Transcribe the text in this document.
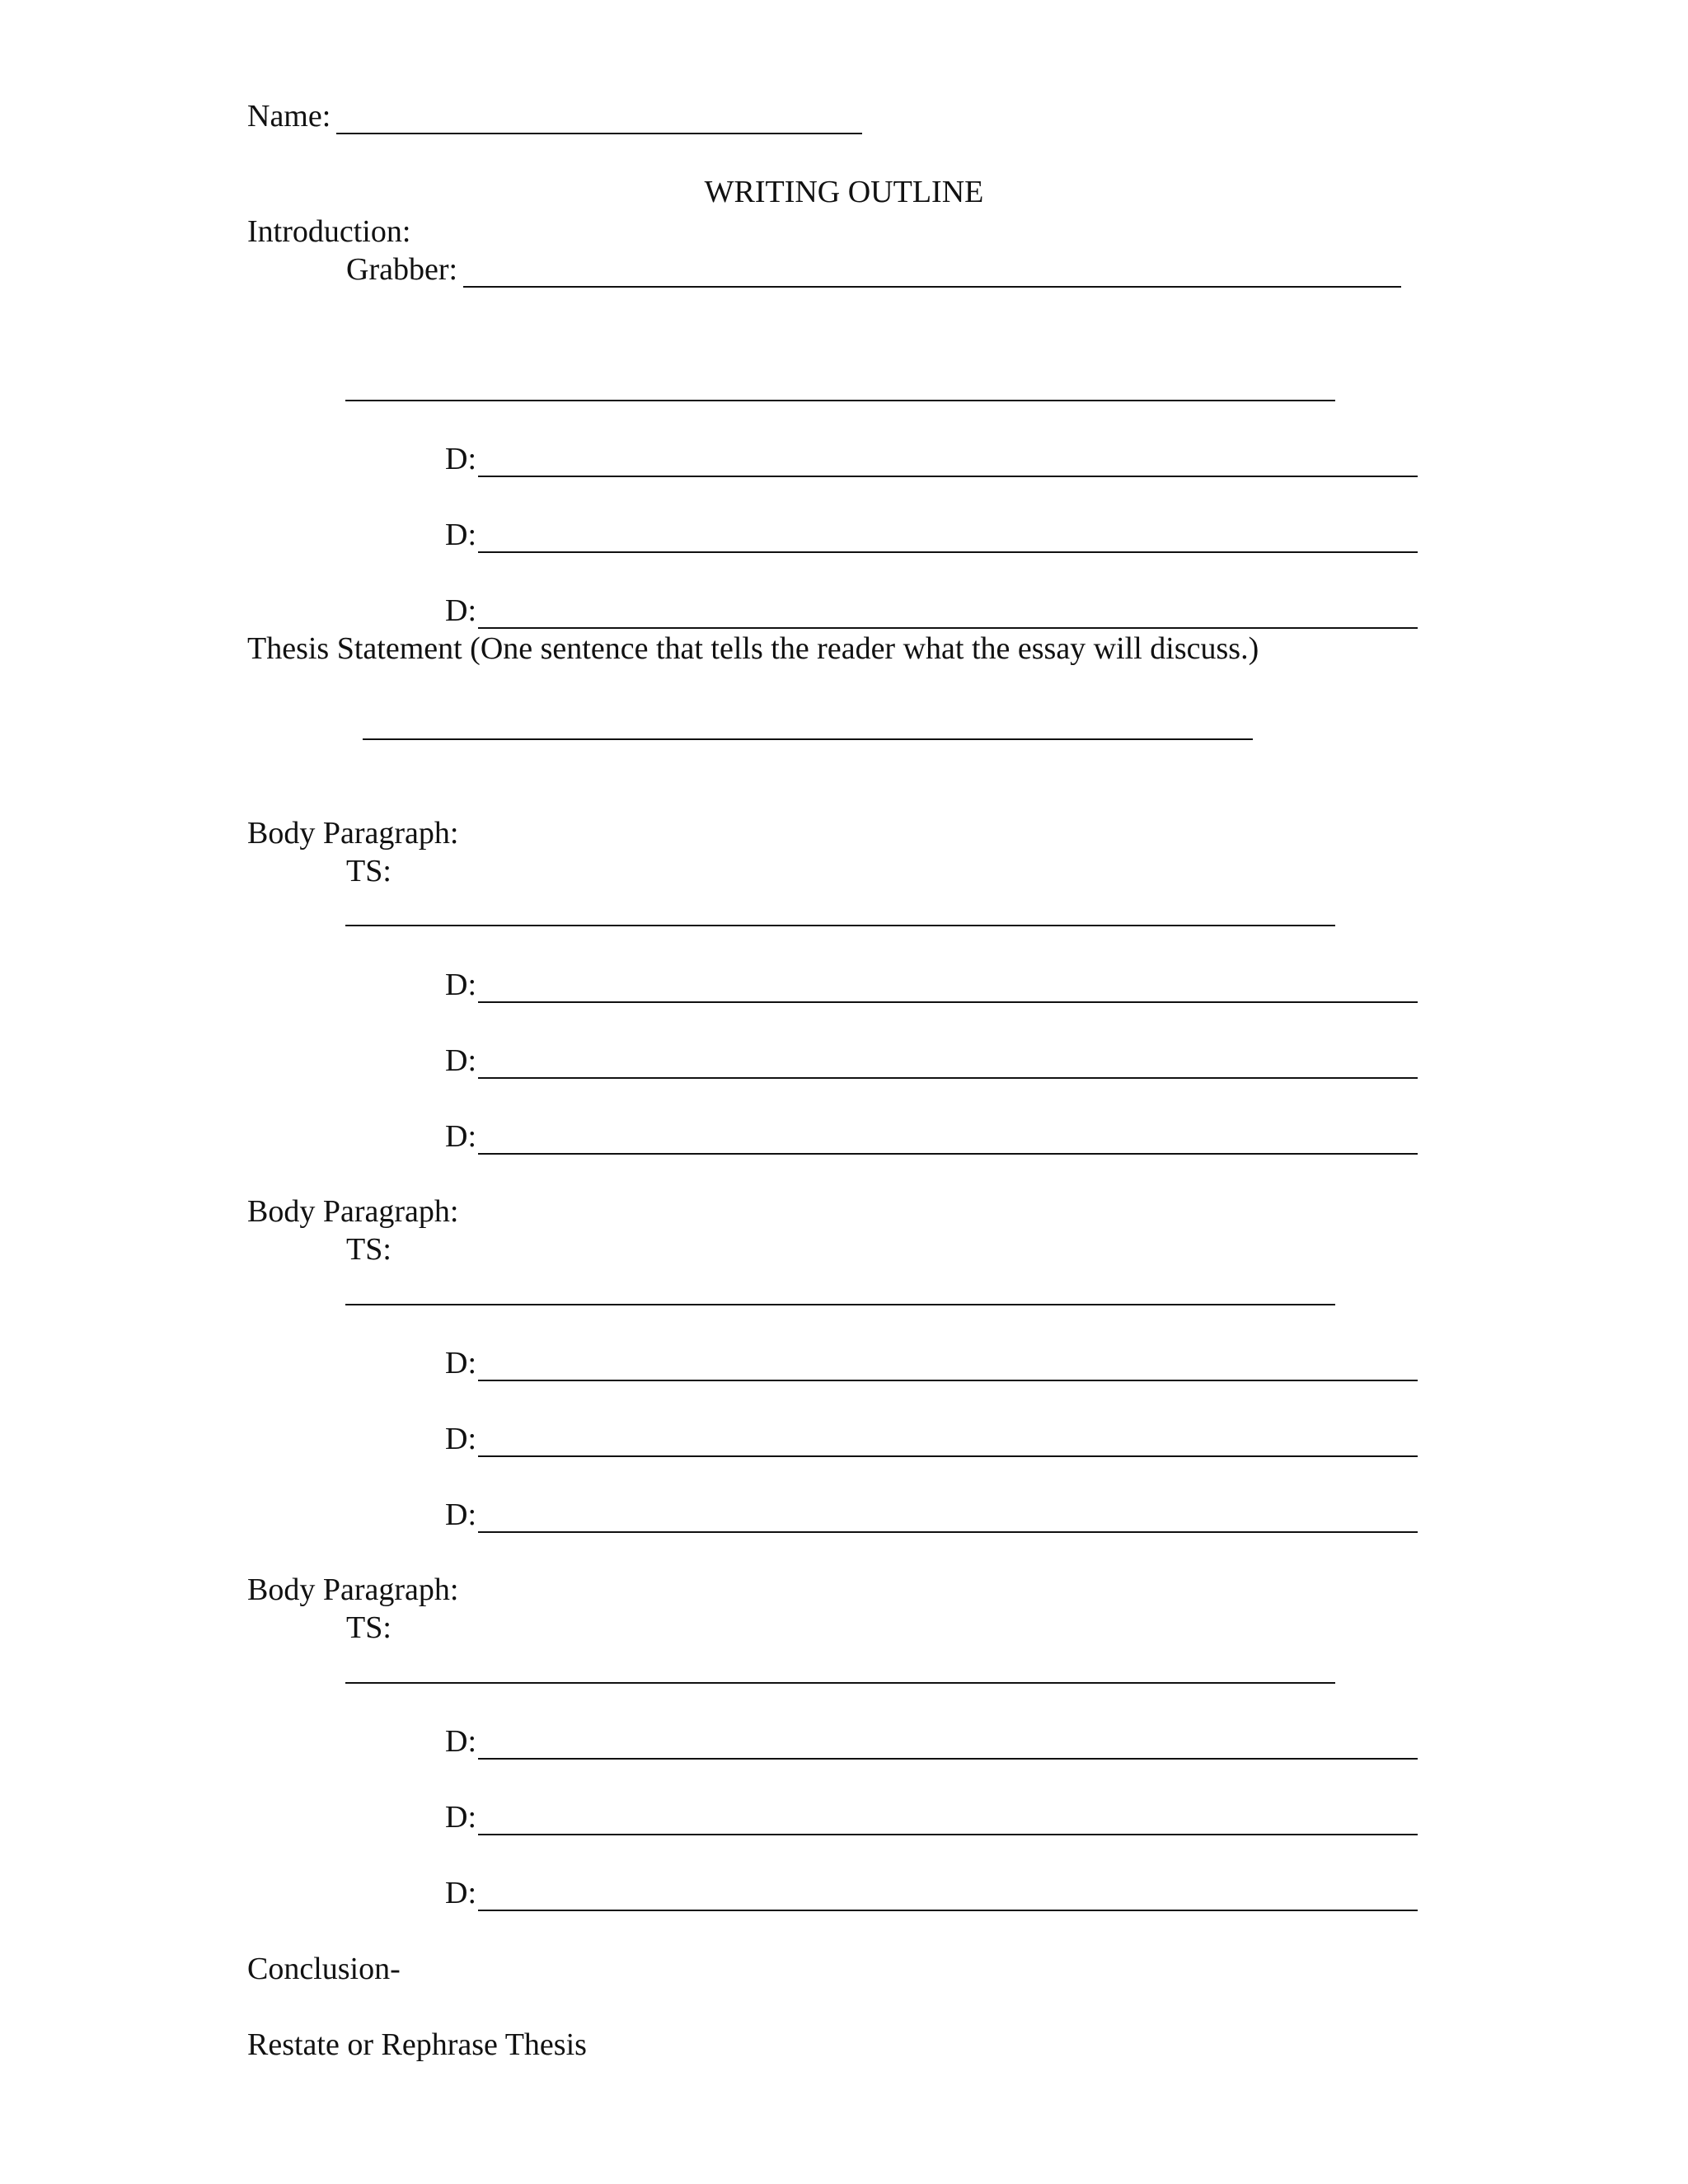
Name:
WRITING OUTLINE
Introduction:
Grabber:
D:
D:
D:
Thesis Statement (One sentence that tells the reader what the essay will discuss.)
Body Paragraph:
TS:
D:
D:
D:
Body Paragraph:
TS:
D:
D:
D:
Body Paragraph:
TS:
D:
D:
D:
Conclusion-
Restate or Rephrase Thesis
